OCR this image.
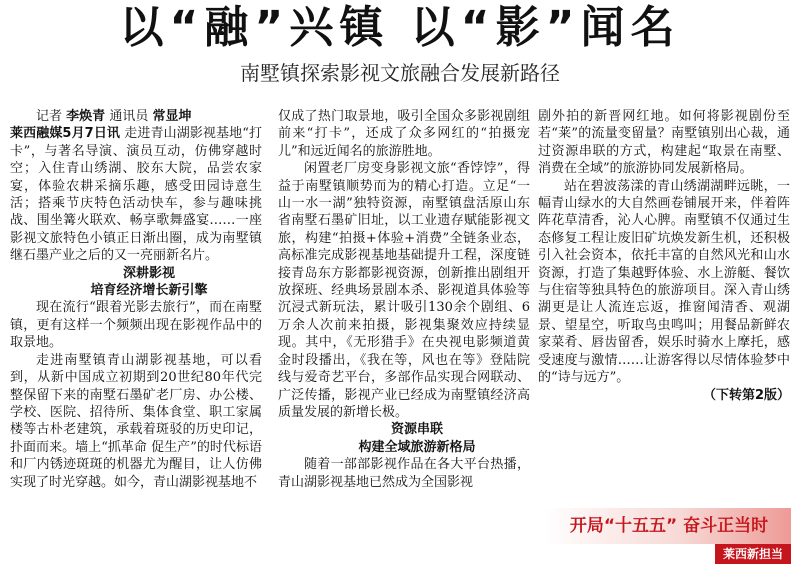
以“融”兴镇 以“影”闻名
南墅镇探索影视文旅融合发展新路径

记者 李焕青 通讯员 常显坤

莱西融媒5月7日讯 走进青山湖影视基地“打卡”，与著名导演、演员互动，仿佛穿越时空；入住青山绣湖、胶东大院，品尝农家宴，体验农耕采摘乐趣，感受田园诗意生活；搭乘节庆特色活动快车，参与趣味挑战、围坐篝火联欢、畅享歌舞盛宴……一座影视文旅特色小镇正日渐出圈，成为南墅镇继石墨产业之后的又一亮丽新名片。

深耕影视

培育经济增长新引擎

现在流行“跟着光影去旅行”，而在南墅镇，更有这样一个频频出现在影视作品中的取景地。

走进南墅镇青山湖影视基地，可以看到，从新中国成立初期到20世纪80年代完整保留下来的南墅石墨矿老厂房、办公楼、学校、医院、招待所、集体食堂、职工家属楼等古朴老建筑，承载着斑驳的历史印记，扑面而来。墙上“抓革命 促生产”的时代标语和厂内锈迹斑斑的机器尤为醒目，让人仿佛实现了时光穿越。如今，青山湖影视基地不

仅成了热门取景地，吸引全国众多影视剧组前来“打卡”，还成了众多网红的“拍摄宠儿”和远近闻名的旅游胜地。

闲置老厂房变身影视文旅“香饽饽”，得益于南墅镇顺势而为的精心打造。立足“一山一水一湖”独特资源，南墅镇盘活原山东省南墅石墨矿旧址，以工业遗存赋能影视文旅，构建“拍摄+体验+消费”全链条业态，高标准完成影视基地基础提升工程，深度链接青岛东方影都影视资源，创新推出剧组开放探班、经典场景剧本杀、影视道具体验等沉浸式新玩法，累计吸引130余个剧组、6万余人次前来拍摄，影视集聚效应持续显现。其中，《无形猎手》在央视电影频道黄金时段播出，《我在等，风也在等》登陆院线与爱奇艺平台，多部作品实现合网联动、广泛传播，影视产业已经成为南墅镇经济高质量发展的新增长极。

资源串联

构建全域旅游新格局

随着一部部影视作品在各大平台热播，青山湖影视基地已然成为全国影视

剧外拍的新晋网红地。如何将影视剧份至若“莱”的流量变留量？南墅镇别出心裁，通过资源串联的方式，构建起“取景在南墅、消费在全域”的旅游协同发展新格局。

站在碧波荡漾的青山绣湖湖畔远眺，一幅青山绿水的大自然画卷铺展开来，伴着阵阵花草清香，沁人心脾。南墅镇不仅通过生态修复工程让废旧矿坑焕发新生机，还积极引入社会资本，依托丰富的自然风光和山水资源，打造了集越野体验、水上游艇、餐饮与住宿等独具特色的旅游项目。深入青山绣湖更是让人流连忘返，推窗闻清香、观湖景、望星空，听取鸟虫鸣叫；用餐品新鲜农家菜肴、唇齿留香，娱乐时骑水上摩托，感受速度与激情……让游客得以尽情体验梦中的“诗与远方”。

（下转第2版）

开局“十五五” 奋斗正当时
莱西新担当
